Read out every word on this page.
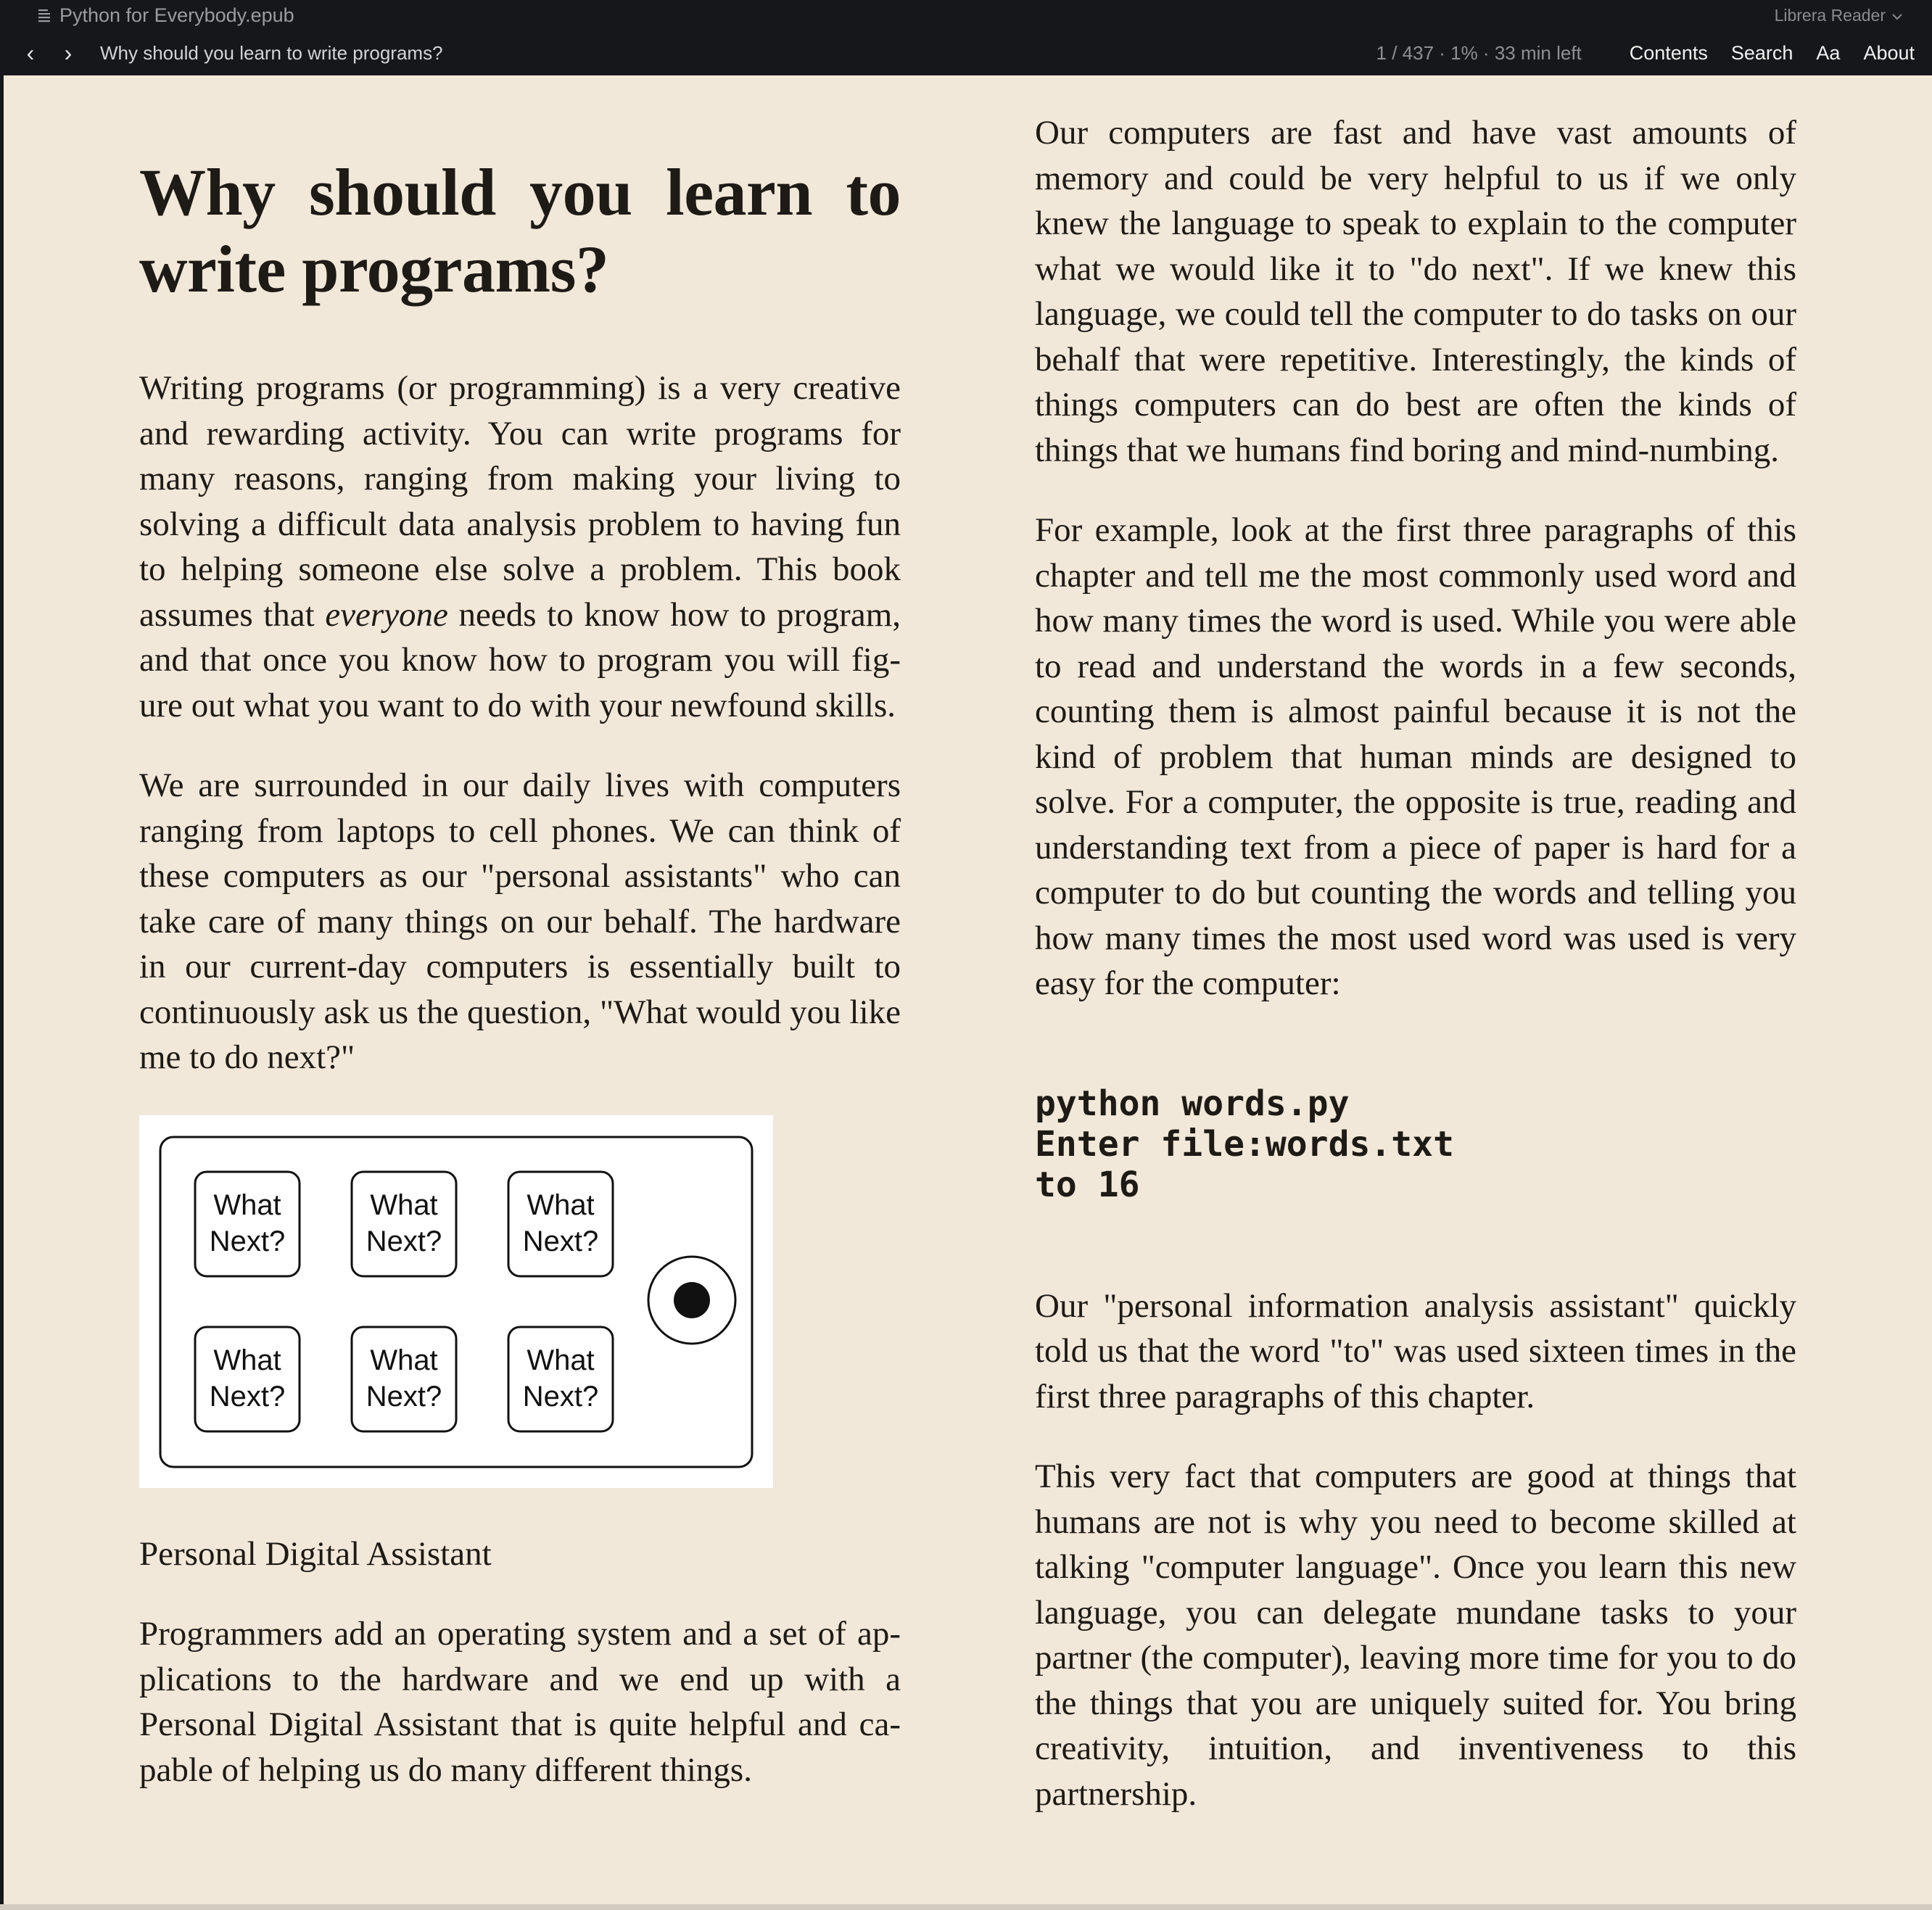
Python for Everybody.epub	Librera Reader
‹	›	Why should you learn to write programs?	1 / 437 · 1% · 33 min left Contents Search Aa About
Why should you learn to write programs?

Writing programs (or programming) is a very creative and rewarding activity. You can write programs for many reasons, ranging from making your living to solving a difficult data analysis problem to having fun to helping someone else solve a problem. This book assumes that everyone needs to know how to program, and that once you know how to program you will figure out what you want to do with your newfound skills.

We are surrounded in our daily lives with computers ranging from laptops to cell phones. We can think of these computers as our "personal assistants" who can take care of many things on our behalf. The hardware in our current-day computers is essentially built to continuously ask us the question, "What would you like me to do next?"

What
Next?
What
Next?
What
Next?
What
Next?
What
Next?
What
Next?

Personal Digital Assistant

Programmers add an operating system and a set of applications to the hardware and we end up with a Personal Digital Assistant that is quite helpful and capable of helping us do many different things.

Our computers are fast and have vast amounts of memory and could be very helpful to us if we only knew the language to speak to explain to the computer what we would like it to "do next". If we knew this language, we could tell the computer to do tasks on our behalf that were repetitive. Interestingly, the kinds of things computers can do best are often the kinds of things that we humans find boring and mind-numbing.

For example, look at the first three paragraphs of this chapter and tell me the most commonly used word and how many times the word is used. While you were able to read and understand the words in a few seconds, counting them is almost painful because it is not the kind of problem that human minds are designed to solve. For a computer, the opposite is true, reading and understanding text from a piece of paper is hard for a computer to do but counting the words and telling you how many times the most used word was used is very easy for the computer:

python words.py
Enter file:words.txt
to 16

Our "personal information analysis assistant" quickly told us that the word "to" was used sixteen times in the first three paragraphs of this chapter.

This very fact that computers are good at things that humans are not is why you need to become skilled at talking "computer language". Once you learn this new language, you can delegate mundane tasks to your partner (the computer), leaving more time for you to do the things that you are uniquely suited for. You bring creativity, intuition, and inventiveness to this partnership.
